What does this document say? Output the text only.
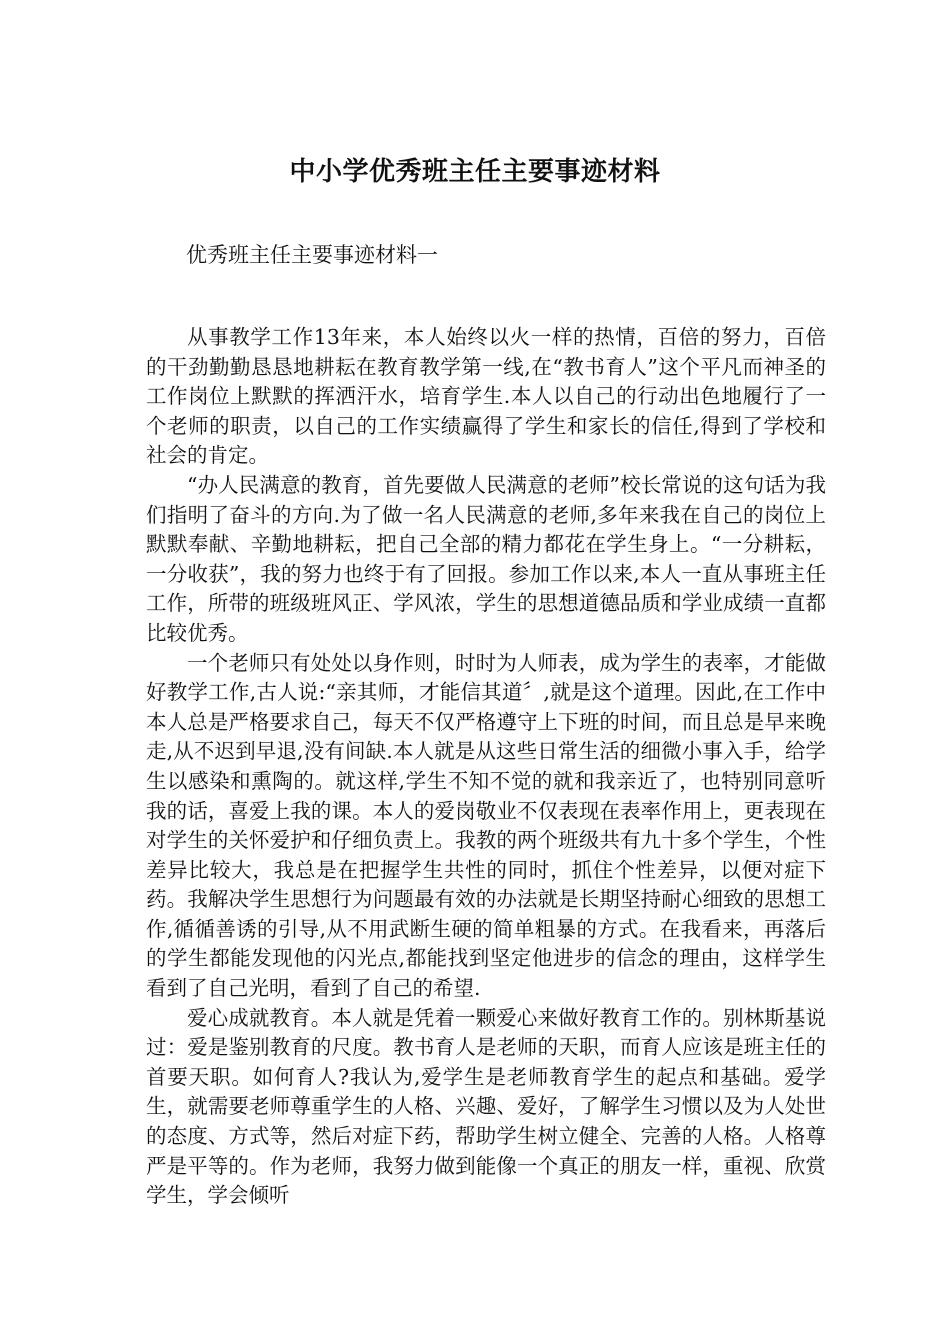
中小学优秀班主任主要事迹材料
优秀班主任主要事迹材料一

从事教学工作13年来，本人始终以火一样的热情，百倍的努力，百倍的干劲勤勤恳恳地耕耘在教育教学第一线,在“教书育人”这个平凡而神圣的工作岗位上默默的挥洒汗水，培育学生.本人以自己的行动出色地履行了一个老师的职责，以自己的工作实绩赢得了学生和家长的信任,得到了学校和社会的肯定。

“办人民满意的教育，首先要做人民满意的老师”校长常说的这句话为我们指明了奋斗的方向.为了做一名人民满意的老师,多年来我在自己的岗位上默默奉献、辛勤地耕耘，把自己全部的精力都花在学生身上。“一分耕耘，一分收获”，我的努力也终于有了回报。参加工作以来,本人一直从事班主任工作，所带的班级班风正、学风浓，学生的思想道德品质和学业成绩一直都比较优秀。

一个老师只有处处以身作则，时时为人师表，成为学生的表率，才能做好教学工作,古人说:“亲其师，才能信其道〞,就是这个道理。因此,在工作中本人总是严格要求自己，每天不仅严格遵守上下班的时间，而且总是早来晚走,从不迟到早退,没有间缺.本人就是从这些日常生活的细微小事入手，给学生以感染和熏陶的。就这样,学生不知不觉的就和我亲近了，也特别同意听我的话，喜爱上我的课。本人的爱岗敬业不仅表现在表率作用上，更表现在对学生的关怀爱护和仔细负责上。我教的两个班级共有九十多个学生，个性差异比较大，我总是在把握学生共性的同时，抓住个性差异，以便对症下药。我解决学生思想行为问题最有效的办法就是长期坚持耐心细致的思想工作,循循善诱的引导,从不用武断生硬的简单粗暴的方式。在我看来，再落后的学生都能发现他的闪光点,都能找到坚定他进步的信念的理由，这样学生看到了自己光明，看到了自己的希望.

爱心成就教育。本人就是凭着一颗爱心来做好教育工作的。别林斯基说过：爱是鉴别教育的尺度。教书育人是老师的天职，而育人应该是班主任的首要天职。如何育人?我认为,爱学生是老师教育学生的起点和基础。爱学生，就需要老师尊重学生的人格、兴趣、爱好，了解学生习惯以及为人处世的态度、方式等，然后对症下药，帮助学生树立健全、完善的人格。人格尊严是平等的。作为老师，我努力做到能像一个真正的朋友一样，重视、欣赏学生，学会倾听
